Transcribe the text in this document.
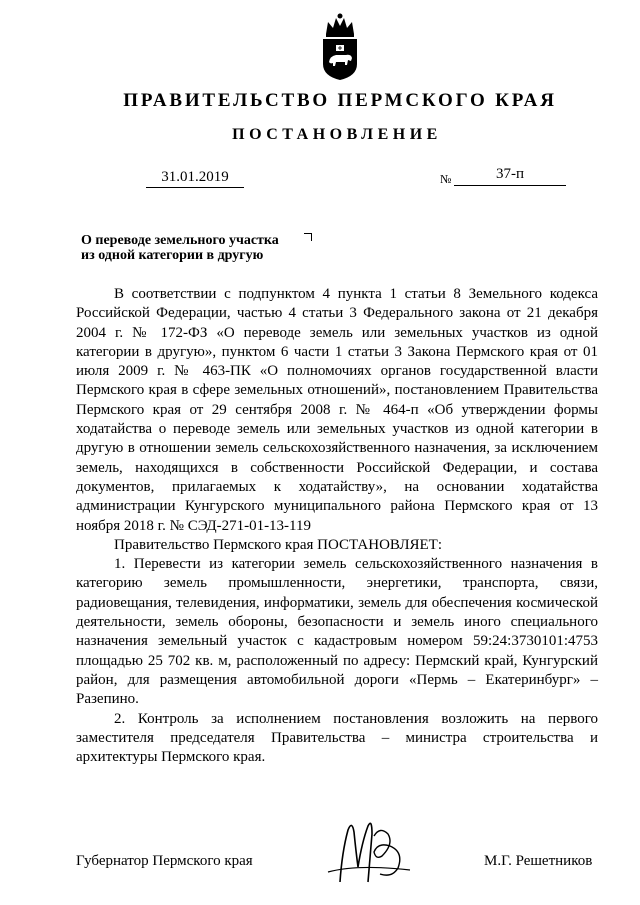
ПРАВИТЕЛЬСТВО ПЕРМСКОГО КРАЯ
ПОСТАНОВЛЕНИЕ
31.01.2019	№	37-п
О переводе земельного участка
из одной категории в другую

В соответствии с подпунктом 4 пункта 1 статьи 8 Земельного кодекса Российской Федерации, частью 4 статьи 3 Федерального закона от 21 декабря 2004 г. № 172-ФЗ «О переводе земель или земельных участков из одной категории в другую», пунктом 6 части 1 статьи 3 Закона Пермского края от 01 июля 2009 г. № 463-ПК «О полномочиях органов государственной власти Пермского края в сфере земельных отношений», постановлением Правительства Пермского края от 29 сентября 2008 г. № 464-п «Об утверждении формы ходатайства о переводе земель или земельных участков из одной категории в другую в отношении земель сельскохозяйственного назначения, за исключением земель, находящихся в собственности Российской Федерации, и состава документов, прилагаемых к ходатайству», на основании ходатайства администрации Кунгурского муниципального района Пермского края от 13 ноября 2018 г. № СЭД-271-01-13-119

Правительство Пермского края ПОСТАНОВЛЯЕТ:

1. Перевести из категории земель сельскохозяйственного назначения в категорию земель промышленности, энергетики, транспорта, связи, радиовещания, телевидения, информатики, земель для обеспечения космической деятельности, земель обороны, безопасности и земель иного специального назначения земельный участок с кадастровым номером 59:24:3730101:4753 площадью 25 702 кв. м, расположенный по адресу: Пермский край, Кунгурский район, для размещения автомобильной дороги «Пермь – Екатеринбург» – Разепино.

2. Контроль за исполнением постановления возложить на первого заместителя председателя Правительства – министра строительства и архитектуры Пермского края.

Губернатор Пермского края	М.Г. Решетников
